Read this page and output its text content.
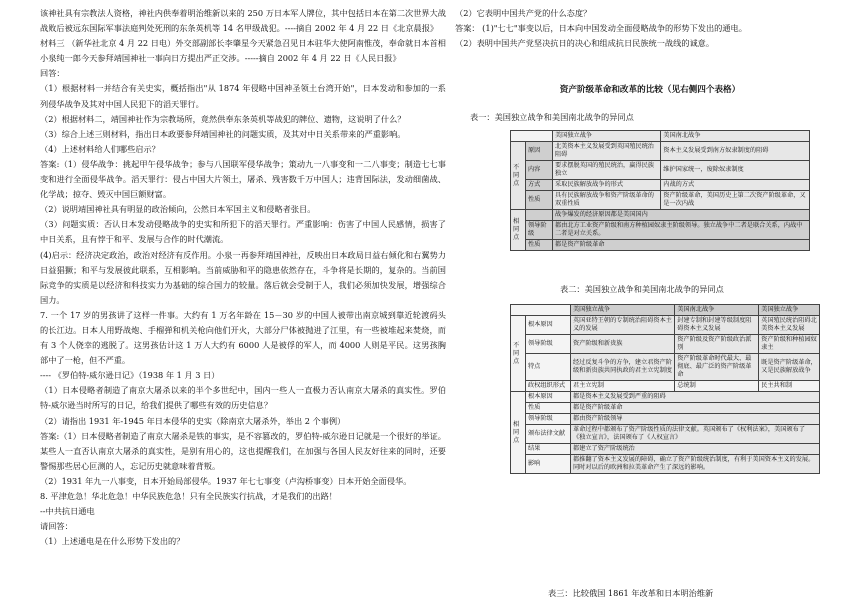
该神社具有宗教法人资格，神社内供奉着明治维新以来的 250 万日本军人牌位，其中包括日本在第二次世界大战战败后被远东国际军事法庭判处死刑的东条英机等 14 名甲级战犯。----摘自 2002 年 4 月 22 日《北京晨报》

材料三 （新华社北京 4 月 22 日电）外交部副部长李肇星今天紧急召见日本驻华大使阿南惟茂，奉命就日本首相小泉纯一郎今天参拜靖国神社一事向日方提出严正交涉。-----摘自 2002 年 4 月 22 日《人民日报》

回答：

（1）根据材料一并结合有关史实，概括指出"从 1874 年侵略中国神圣领土台湾开始"，日本发动和参加的一系列侵华战争及其对中国人民犯下的滔天罪行。

（2）根据材料二，靖国神社作为宗教场所，竟然供奉东条英机等战犯的牌位、遗物，这说明了什么？

（3）综合上述三则材料，指出日本政要参拜靖国神社的问题实质，及其对中日关系带来的严重影响。

（4）上述材料给人们哪些启示？

答案:（1）侵华战争：挑起甲午侵华战争；参与八国联军侵华战争；策动九一八事变和一二八事变；制造七七事变和进行全面侵华战争。滔天罪行：侵占中国大片领土，屠杀、残害数千万中国人；违背国际法，发动细菌战、化学战；掠夺、毁灭中国巨额财富。

（2）说明靖国神社具有明显的政治倾向，公然日本军国主义和侵略者张目。

（3）问题实质：否认日本发动侵略战争的史实和所犯下的滔天罪行。严重影响：伤害了中国人民感情，损害了中日关系，且有悖于和平、发展与合作的时代潮流。

(4)启示：经济决定政治，政治对经济有反作用。小泉一再参拜靖国神社，反映出日本政局日益右倾化和右翼势力日益猖獗；和平与发展彼此联系，互相影响。当前威胁和平的隐患依然存在，斗争将是长期的，复杂的。当前国际竞争的实质是以经济和科技实力为基础的综合国力的较量。落后就会受制于人，我们必须加快发展，增强综合国力。

7. 一个 17 岁的男孩讲了这样一件事。大约有 1 万名年龄在 15－30 岁的中国人被带出南京城到靠近轮渡码头的长江边。日本人用野战炮、手榴弹和机关枪向他们开火，大部分尸体被抛进了江里，有一些被堆起来焚烧，而有 3 个人侥幸的逃脱了。这男孩估计这 1 万人大约有 6000 人是被俘的军人，而 4000 人则是平民。这男孩胸部中了一枪，但不严重。

---- 《罗伯特-威尔逊日记》（1938 年 1 月 3 日）

（1）日本侵略者制造了南京大屠杀以来的半个多世纪中，国内一些人一直极力否认南京大屠杀的真实性。罗伯特-威尔逊当时所写的日记，给我们提供了哪些有效的历史信息？

（2）请指出 1931 年-1945 年日本侵华的史实（除南京大屠杀外，举出 2 个事例）

答案:（1）日本侵略者制造了南京大屠杀是铁的事实，是不容篡改的，罗伯特-威尔逊日记就是一个很好的举证。某些人一直否认南京大屠杀的真实性，是别有用心的，这也提醒我们，在加强与各国人民友好往来的同时，还要警惕那些居心叵测的人，忘记历史就意味着背叛。

（2）1931 年九一八事变，日本开始局部侵华。1937 年七七事变（卢沟桥事变）日本开始全面侵华。

8. 平津危急！华北危急！中华民族危急！只有全民族实行抗战，才是我们的出路！

--中共抗日通电

请回答：

（1）上述通电是在什么形势下发出的？

（2）它表明中国共产党的什么态度？

答案： (1)"七七"事变以后，日本向中国发动全面侵略战争的形势下发出的通电。

（2）表明中国共产党坚决抗日的决心和组成抗日民族统一战线的诚意。

资产阶级革命和改革的比较（见右侧四个表格）
表一：美国独立战争和美国南北战争的异同点
		美国独立战争	美国南北战争
不同点	原因	北美资本主义发展受到英国殖民统治阻碍	资本主义发展受到南方奴隶制度的阻碍
	内容	要求摆脱英国的殖民统治，赢得民族独立	维护国家统一，废除奴隶制度
	方式	采取民族解放战争的形式	内战的方式
	性质	具有民族解放战争和资产阶级革命的双重性质	资产阶级革命，美国历史上第二次资产阶级革命，又是一次内战
相同点		战争爆发的经济原因都是美国国内	
	领导阶级	都由北方工业资产阶级和南方种植园奴隶主阶级领导。独立战争中二者是联合关系，内战中二者是对立关系。	
	性质	都是资产阶级革命	
表二：美国独立战争和美国南北战争的异同点
		美国独立战争	美国南北战争	美国独立战争
不同点	根本原因	英国亚特王朝的专制统治阻碍资本主义的发展	封建专制和封建等级制度阻碍资本主义发展	英国殖民统治阻碍北美资本主义发展
	领导阶级	资产阶级和新贵族	资产阶级及资产阶级政治派别	资产阶级和种植园奴隶主
	特点	经过反复斗争的方争，建立君资产阶级和新贵族共同执政的君主立宪制度	资产阶级革命时代最大、最彻底、最广泛的资产阶级革命	既是资产阶级革命，又是民族解放战争
	政权组织形式	君主立宪制	总统制	民主共和制
相同点	根本原因	都是资本主义发展受到严重的阻碍		
	性质	都是资产阶级革命		
	领导阶级	都由资产阶级领导		
	颁布法律文献	革命过程中都颁布了资产阶级性质的法律文献。英国颁布了《权利法案》，美国颁布了《独立宣言》，法国颁布了《人权宣言》		
	结果	都建立了资产阶级统治		
	影响	都推翻了资本主义发展的障碍，确立了资产阶级统治制度，有利于美国资本主义的发展。同时对以后的欧洲和拉美革命产生了深远的影响。		
表三：比较俄国 1861 年改革和日本明治维新
